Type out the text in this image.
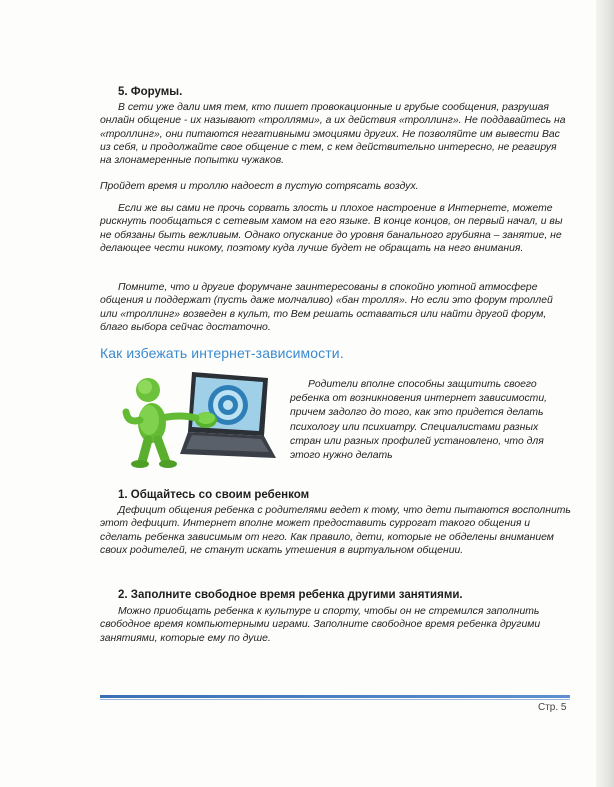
5. Форумы.

В сети уже дали имя тем, кто пишет провокационные и грубые сообщения, разрушая онлайн общение - их называют «троллями», а их действия «троллинг». Не поддавайтесь на «троллинг», они питаются негативными эмоциями других. Не позволяйте им вывести Вас из себя, и продолжайте свое общение с тем, с кем действительно интересно, не реагируя на злонамеренные попытки чужаков.

Пройдет время и троллю надоест в пустую сотрясать воздух.

Если же вы сами не прочь сорвать злость и плохое настроение в Интернете, можете рискнуть пообщаться с сетевым хамом на его языке. В конце концов, он первый начал, и вы не обязаны быть вежливым. Однако опускание до уровня банального грубияна – занятие, не делающее чести никому, поэтому куда лучше будет не обращать на него внимания.

Помните, что и другие форумчане заинтересованы в спокойно уютной атмосфере общения и поддержат (пусть даже молчаливо) «бан тролля». Но если это форум троллей или «троллинг» возведен в культ, то Вем решать оставаться или найти другой форум, благо выбора сейчас достаточно.

Как избежать интернет-зависимости.

Родители вполне способны защитить своего ребенка от возникновения интернет зависимости, причем задолго до того, как это придется делать психологу или психиатру. Специалистами разных стран или разных профилей установлено, что для этого нужно делать

1. Общайтесь со своим ребенком

Дефицит общения ребенка с родителями ведет к тому, что дети пытаются восполнить этот дефицит. Интернет вполне может предоставить суррогат такого общения и сделать ребенка зависимым от него. Как правило, дети, которые не обделены вниманием своих родителей, не станут искать утешения в виртуальном общении.

2. Заполните свободное время ребенка другими занятиями.

Можно приобщать ребенка к культуре и спорту, чтобы он не стремился заполнить свободное время компьютерными играми. Заполните свободное время ребенка другими занятиями, которые ему по душе.

Стр. 5
